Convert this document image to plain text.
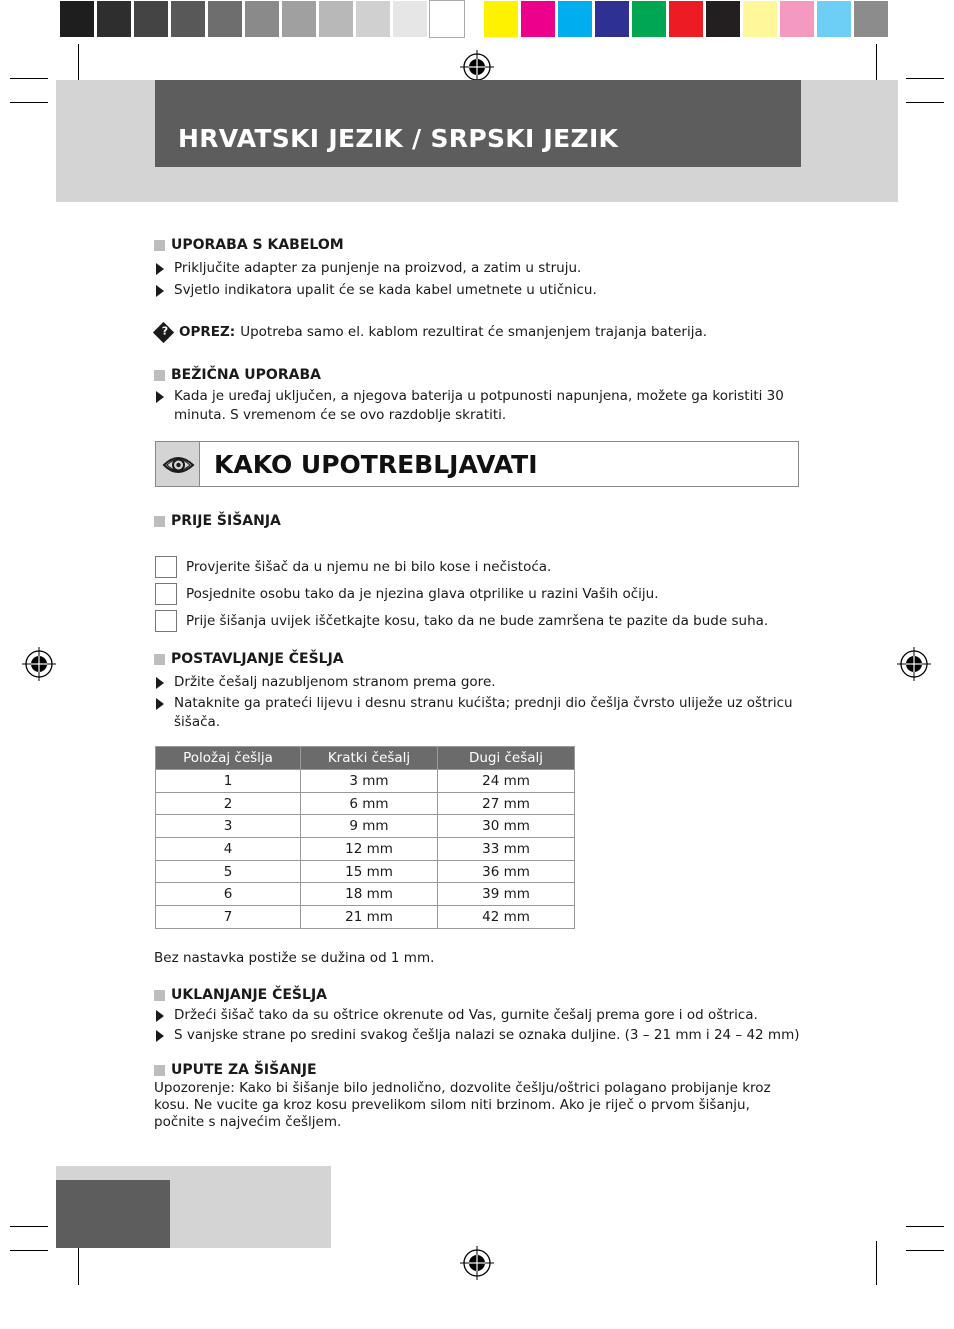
HRVATSKI JEZIK / SRPSKI JEZIK
UPORABA S KABELOM
Priključite adapter za punjenje na proizvod, a zatim u struju.
Svjetlo indikatora upalit će se kada kabel umetnete u utičnicu.
? OPREZ: Upotreba samo el. kablom rezultirat će smanjenjem trajanja baterija.
BEŽIČNA UPORABA
Kada je uređaj uključen, a njegova baterija u potpunosti napunjena, možete ga koristiti 30
minuta. S vremenom će se ovo razdoblje skratiti.
KAKO UPOTREBLJAVATI
PRIJE ŠIŠANJA
Provjerite šišač da u njemu ne bi bilo kose i nečistoća.
Posjednite osobu tako da je njezina glava otprilike u razini Vaših očiju.
Prije šišanja uvijek iščetkajte kosu, tako da ne bude zamršena te pazite da bude suha.
POSTAVLJANJE ČEŠLJA
Držite češalj nazubljenom stranom prema gore.
Nataknite ga prateći lijevu i desnu stranu kućišta; prednji dio češlja čvrsto uliježe uz oštricu
šišača.
Položaj češlja	Kratki češalj	Dugi češalj
1	3 mm	24 mm
2	6 mm	27 mm
3	9 mm	30 mm
4	12 mm	33 mm
5	15 mm	36 mm
6	18 mm	39 mm
7	21 mm	42 mm
Bez nastavka postiže se dužina od 1 mm.
UKLANJANJE ČEŠLJA
Držeći šišač tako da su oštrice okrenute od Vas, gurnite češalj prema gore i od oštrica.
S vanjske strane po sredini svakog češlja nalazi se oznaka duljine. (3 – 21 mm i 24 – 42 mm)
UPUTE ZA ŠIŠANJE
Upozorenje: Kako bi šišanje bilo jednolično, dozvolite češlju/oštrici polagano probijanje kroz
kosu. Ne vucite ga kroz kosu prevelikom silom niti brzinom. Ako je riječ o prvom šišanju,
počnite s najvećim češljem.
